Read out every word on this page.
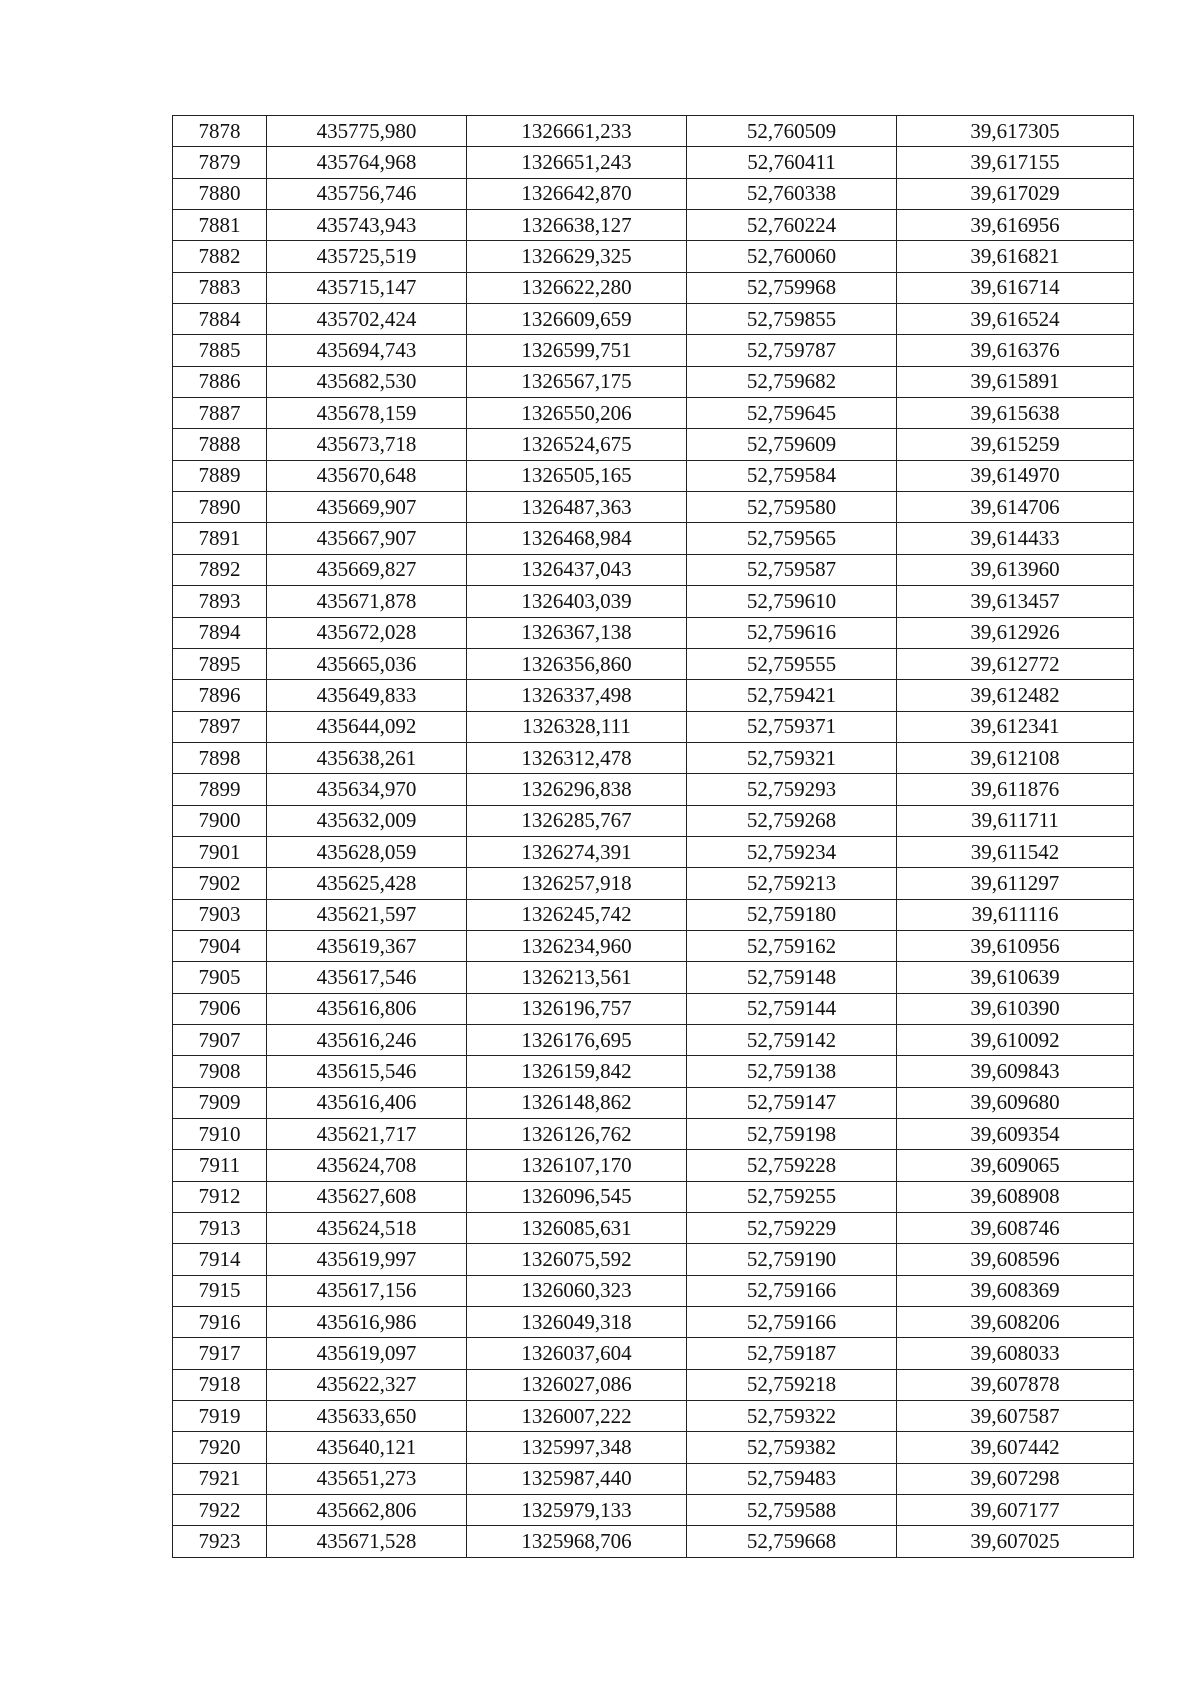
7878	435775,980	1326661,233	52,760509	39,617305
7879	435764,968	1326651,243	52,760411	39,617155
7880	435756,746	1326642,870	52,760338	39,617029
7881	435743,943	1326638,127	52,760224	39,616956
7882	435725,519	1326629,325	52,760060	39,616821
7883	435715,147	1326622,280	52,759968	39,616714
7884	435702,424	1326609,659	52,759855	39,616524
7885	435694,743	1326599,751	52,759787	39,616376
7886	435682,530	1326567,175	52,759682	39,615891
7887	435678,159	1326550,206	52,759645	39,615638
7888	435673,718	1326524,675	52,759609	39,615259
7889	435670,648	1326505,165	52,759584	39,614970
7890	435669,907	1326487,363	52,759580	39,614706
7891	435667,907	1326468,984	52,759565	39,614433
7892	435669,827	1326437,043	52,759587	39,613960
7893	435671,878	1326403,039	52,759610	39,613457
7894	435672,028	1326367,138	52,759616	39,612926
7895	435665,036	1326356,860	52,759555	39,612772
7896	435649,833	1326337,498	52,759421	39,612482
7897	435644,092	1326328,111	52,759371	39,612341
7898	435638,261	1326312,478	52,759321	39,612108
7899	435634,970	1326296,838	52,759293	39,611876
7900	435632,009	1326285,767	52,759268	39,611711
7901	435628,059	1326274,391	52,759234	39,611542
7902	435625,428	1326257,918	52,759213	39,611297
7903	435621,597	1326245,742	52,759180	39,611116
7904	435619,367	1326234,960	52,759162	39,610956
7905	435617,546	1326213,561	52,759148	39,610639
7906	435616,806	1326196,757	52,759144	39,610390
7907	435616,246	1326176,695	52,759142	39,610092
7908	435615,546	1326159,842	52,759138	39,609843
7909	435616,406	1326148,862	52,759147	39,609680
7910	435621,717	1326126,762	52,759198	39,609354
7911	435624,708	1326107,170	52,759228	39,609065
7912	435627,608	1326096,545	52,759255	39,608908
7913	435624,518	1326085,631	52,759229	39,608746
7914	435619,997	1326075,592	52,759190	39,608596
7915	435617,156	1326060,323	52,759166	39,608369
7916	435616,986	1326049,318	52,759166	39,608206
7917	435619,097	1326037,604	52,759187	39,608033
7918	435622,327	1326027,086	52,759218	39,607878
7919	435633,650	1326007,222	52,759322	39,607587
7920	435640,121	1325997,348	52,759382	39,607442
7921	435651,273	1325987,440	52,759483	39,607298
7922	435662,806	1325979,133	52,759588	39,607177
7923	435671,528	1325968,706	52,759668	39,607025
